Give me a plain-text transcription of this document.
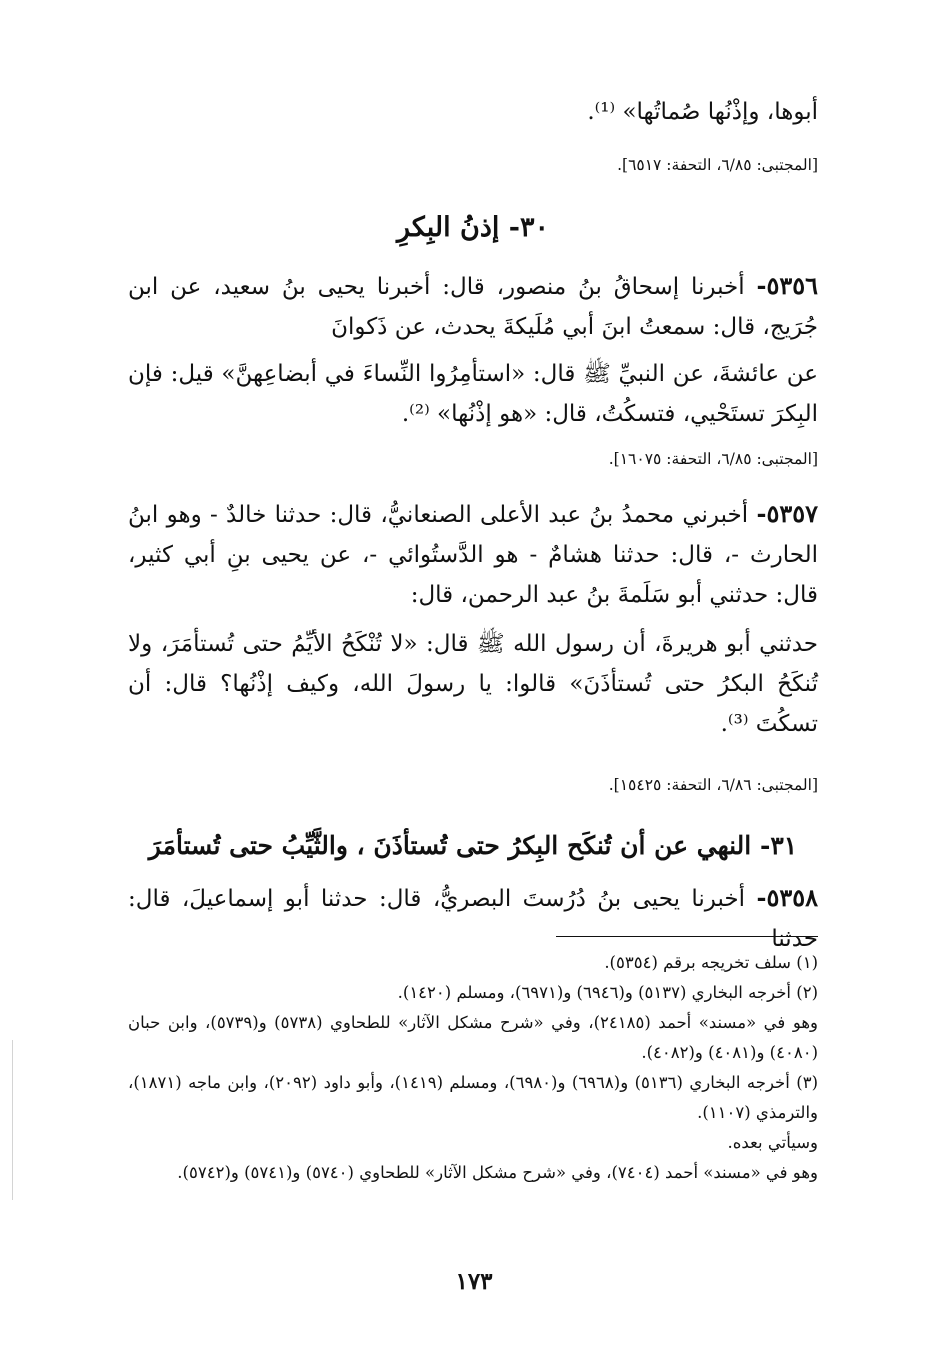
أبوها، وإذْنُها صُماتُها» ⁽¹⁾.
[المجتبى: ٦/٨٥، التحفة: ٦٥١٧].
٣٠- إذنُ البِكرِ
٥٣٥٦- أخبرنا إسحاقُ بنُ منصور، قال: أخبرنا يحيى بنُ سعيد، عن ابن جُرَيج، قال: سمعتُ ابنَ أبي مُلَيكةَ يحدث، عن ذَكوانَ
عن عائشةَ، عن النبيِّ ﷺ قال: «استأمِرُوا النِّساءَ في أبضاعِهنَّ» قيل: فإن البِكرَ تستَحْيي، فتسكُتُ، قال: «هو إذْنُها» ⁽²⁾.
[المجتبى: ٦/٨٥، التحفة: ١٦٠٧٥].
٥٣٥٧- أخبرني محمدُ بنُ عبد الأعلى الصنعانيُّ، قال: حدثنا خالدٌ - وهو ابنُ الحارث -، قال: حدثنا هشامٌ - هو الدَّستُوائي -، عن يحيى بنِ أبي كثير، قال: حدثني أبو سَلَمةَ بنُ عبد الرحمن، قال:
حدثني أبو هريرةَ، أن رسول الله ﷺ قال: «لا تُنْكَحُ الأيِّمُ حتى تُستأمَرَ، ولا تُنكَحُ البكرُ حتى تُستأذَنَ» قالوا: يا رسولَ الله، وكيف إذْنُها؟ قال: أن تسكُتَ ⁽³⁾.
[المجتبى: ٦/٨٦، التحفة: ١٥٤٢٥].
٣١- النهي عن أن تُنكَح البِكرُ حتى تُستأذَنَ ، والثَّيِّبُ حتى تُستأمَرَ
٥٣٥٨- أخبرنا يحيى بنُ دُرُستَ البصريُّ، قال: حدثنا أبو إسماعيلَ، قال: حدثنا
(١) سلف تخريجه برقم (٥٣٥٤).
(٢) أخرجه البخاري (٥١٣٧) و(٦٩٤٦) و(٦٩٧١)، ومسلم (١٤٢٠).
وهو في «مسند» أحمد (٢٤١٨٥)، وفي «شرح مشكل الآثار» للطحاوي (٥٧٣٨) و(٥٧٣٩)، وابن حبان (٤٠٨٠) و(٤٠٨١) و(٤٠٨٢).
(٣) أخرجه البخاري (٥١٣٦) و(٦٩٦٨) و(٦٩٨٠)، ومسلم (١٤١٩)، وأبو داود (٢٠٩٢)، وابن ماجه (١٨٧١)، والترمذي (١١٠٧).
وسيأتي بعده.
وهو في «مسند» أحمد (٧٤٠٤)، وفي «شرح مشكل الآثار» للطحاوي (٥٧٤٠) و(٥٧٤١) و(٥٧٤٢).
١٧٣
